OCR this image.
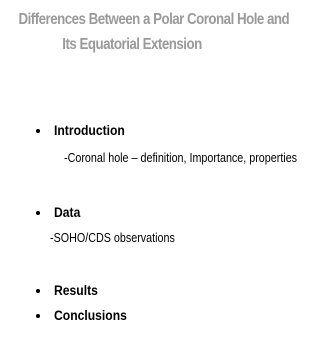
Differences Between a Polar Coronal Hole and
Its Equatorial Extension
Introduction
-Coronal hole – definition, Importance, properties
Data
-SOHO/CDS observations
Results
Conclusions
